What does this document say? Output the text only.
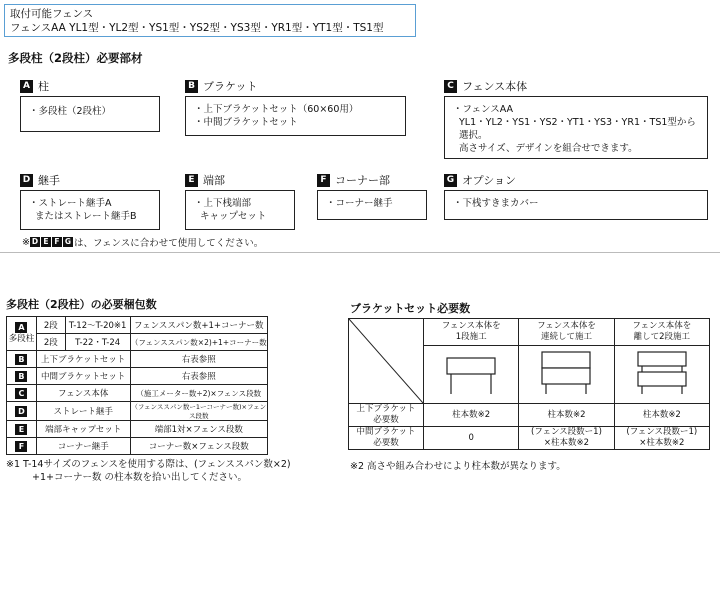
取付可能フェンス
フェンスAA YL1型・YL2型・YS1型・YS2型・YS3型・YR1型・YT1型・TS1型
多段柱（2段柱）必要部材
A 柱
・多段柱（2段柱）
B ブラケット
・上下ブラケットセット（60×60用）
・中間ブラケットセット
C フェンス本体
・フェンスAA
YL1・YL2・YS1・YS2・YT1・YS3・YR1・TS1型から選択。
高さサイズ、デザインを組合せできます。
D 継手
・ストレート継手A
またはストレート継手B
E 端部
・上下桟端部
キャップセット
F コーナー部
・コーナー継手
G オプション
・下桟すきまカバー
※ D E F G は、フェンスに合わせて使用してください。
多段柱（2段柱）の必要梱包数
A
多段柱	2段	T-12～T-20※1	フェンススパン数+1+コーナー数
	2段	T-22・T-24	（フェンススパン数×2)+1+コーナー数
B	上下ブラケットセット		右表参照
B	中間ブラケットセット		右表参照
C	フェンス本体		（施工メーター数÷2)×フェンス段数
D	ストレート継手		（フェンススパン数ー1ーコーナー数)×フェンス段数
E	端部キャップセット		端部1対×フェンス段数
F	コーナー継手		コーナー数×フェンス段数
※1 T-14サイズのフェンスを使用する際は、(フェンススパン数×2)
+1+コーナー数 の柱本数を拾い出してください。
ブラケットセット必要数
	フェンス本体を
1段施工	フェンス本体を
連続して施工	フェンス本体を
離して2段施工

上下ブラケット
必要数	柱本数※2	柱本数※2	柱本数※2
中間ブラケット
必要数	0	(フェンス段数ー1)
×柱本数※2	(フェンス段数ー1)
×柱本数※2
※2 高さや組み合わせにより柱本数が異なります。
